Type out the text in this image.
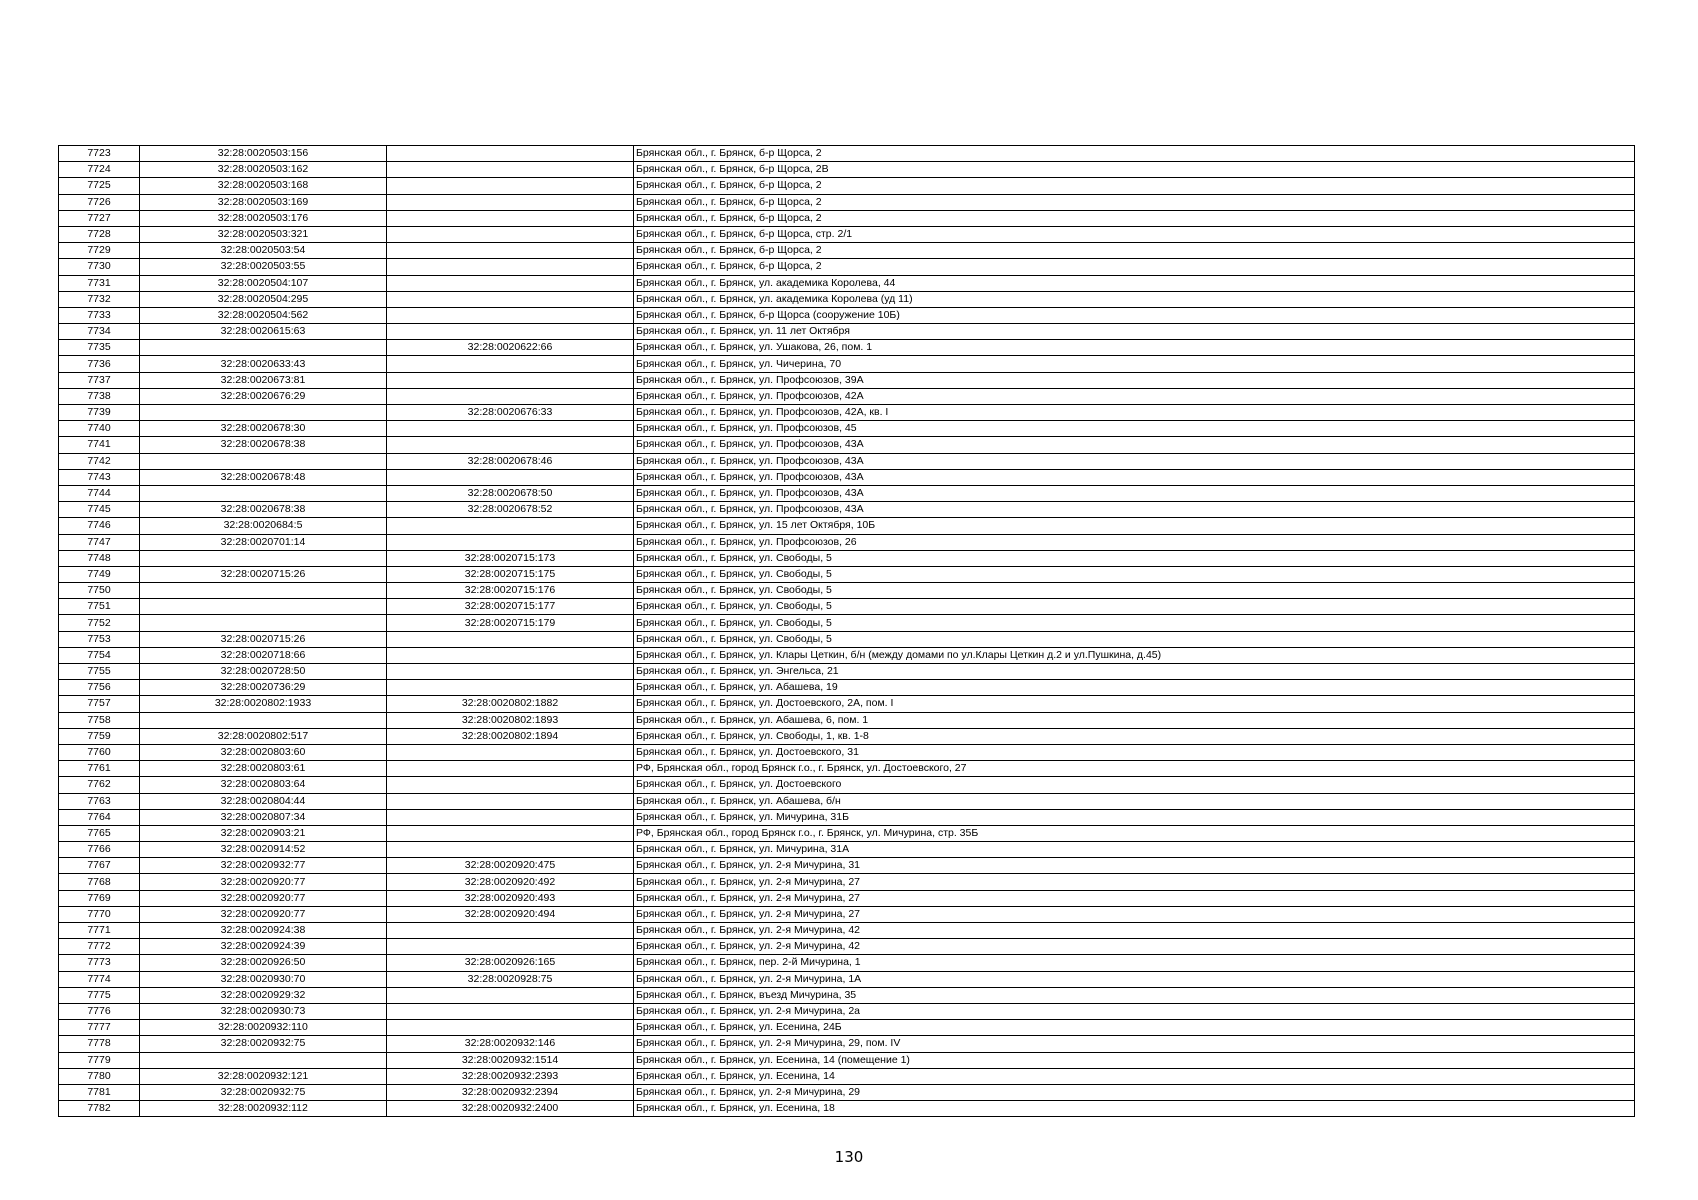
7723	32:28:0020503:156		Брянская обл., г. Брянск, б-р Щорса, 2
7724	32:28:0020503:162		Брянская обл., г. Брянск, б-р Щорса, 2В
7725	32:28:0020503:168		Брянская обл., г. Брянск, б-р Щорса, 2
7726	32:28:0020503:169		Брянская обл., г. Брянск, б-р Щорса, 2
7727	32:28:0020503:176		Брянская обл., г. Брянск, б-р Щорса, 2
7728	32:28:0020503:321		Брянская обл., г. Брянск, б-р Щорса, стр. 2/1
7729	32:28:0020503:54		Брянская обл., г. Брянск, б-р Щорса, 2
7730	32:28:0020503:55		Брянская обл., г. Брянск, б-р Щорса, 2
7731	32:28:0020504:107		Брянская обл., г. Брянск, ул. академика Королева, 44
7732	32:28:0020504:295		Брянская обл., г. Брянск, ул. академика Королева (уд 11)
7733	32:28:0020504:562		Брянская обл., г. Брянск, б-р Щорса (сооружение 10Б)
7734	32:28:0020615:63		Брянская обл., г. Брянск, ул. 11 лет Октября
7735		32:28:0020622:66	Брянская обл., г. Брянск, ул. Ушакова, 26, пом. 1
7736	32:28:0020633:43		Брянская обл., г. Брянск, ул. Чичерина, 70
7737	32:28:0020673:81		Брянская обл., г. Брянск, ул. Профсоюзов, 39А
7738	32:28:0020676:29		Брянская обл., г. Брянск, ул. Профсоюзов, 42А
7739		32:28:0020676:33	Брянская обл., г. Брянск, ул. Профсоюзов, 42А, кв. I
7740	32:28:0020678:30		Брянская обл., г. Брянск, ул. Профсоюзов, 45
7741	32:28:0020678:38		Брянская обл., г. Брянск, ул. Профсоюзов, 43А
7742		32:28:0020678:46	Брянская обл., г. Брянск, ул. Профсоюзов, 43А
7743	32:28:0020678:48		Брянская обл., г. Брянск, ул. Профсоюзов, 43А
7744		32:28:0020678:50	Брянская обл., г. Брянск, ул. Профсоюзов, 43А
7745	32:28:0020678:38	32:28:0020678:52	Брянская обл., г. Брянск, ул. Профсоюзов, 43А
7746	32:28:0020684:5		Брянская обл., г. Брянск, ул. 15 лет Октября, 10Б
7747	32:28:0020701:14		Брянская обл., г. Брянск, ул. Профсоюзов, 26
7748		32:28:0020715:173	Брянская обл., г. Брянск, ул. Свободы, 5
7749	32:28:0020715:26	32:28:0020715:175	Брянская обл., г. Брянск, ул. Свободы, 5
7750		32:28:0020715:176	Брянская обл., г. Брянск, ул. Свободы, 5
7751		32:28:0020715:177	Брянская обл., г. Брянск, ул. Свободы, 5
7752		32:28:0020715:179	Брянская обл., г. Брянск, ул. Свободы, 5
7753	32:28:0020715:26		Брянская обл., г. Брянск, ул. Свободы, 5
7754	32:28:0020718:66		Брянская обл., г. Брянск, ул. Клары Цеткин, б/н (между домами по ул.Клары Цеткин д.2 и ул.Пушкина, д.45)
7755	32:28:0020728:50		Брянская обл., г. Брянск, ул. Энгельса, 21
7756	32:28:0020736:29		Брянская обл., г. Брянск, ул. Абашева, 19
7757	32:28:0020802:1933	32:28:0020802:1882	Брянская обл., г. Брянск, ул. Достоевского, 2А, пом. I
7758		32:28:0020802:1893	Брянская обл., г. Брянск, ул. Абашева, 6, пом. 1
7759	32:28:0020802:517	32:28:0020802:1894	Брянская обл., г. Брянск, ул. Свободы, 1, кв. 1-8
7760	32:28:0020803:60		Брянская обл., г. Брянск, ул. Достоевского, 31
7761	32:28:0020803:61		РФ, Брянская обл., город Брянск г.о., г. Брянск, ул. Достоевского, 27
7762	32:28:0020803:64		Брянская обл., г. Брянск, ул. Достоевского
7763	32:28:0020804:44		Брянская обл., г. Брянск, ул. Абашева, б/н
7764	32:28:0020807:34		Брянская обл., г. Брянск, ул. Мичурина, 31Б
7765	32:28:0020903:21		РФ, Брянская обл., город Брянск г.о., г. Брянск, ул. Мичурина, стр. 35Б
7766	32:28:0020914:52		Брянская обл., г. Брянск, ул. Мичурина, 31А
7767	32:28:0020932:77	32:28:0020920:475	Брянская обл., г. Брянск, ул. 2-я Мичурина, 31
7768	32:28:0020920:77	32:28:0020920:492	Брянская обл., г. Брянск, ул. 2-я Мичурина, 27
7769	32:28:0020920:77	32:28:0020920:493	Брянская обл., г. Брянск, ул. 2-я Мичурина, 27
7770	32:28:0020920:77	32:28:0020920:494	Брянская обл., г. Брянск, ул. 2-я Мичурина, 27
7771	32:28:0020924:38		Брянская обл., г. Брянск, ул. 2-я Мичурина, 42
7772	32:28:0020924:39		Брянская обл., г. Брянск, ул. 2-я Мичурина, 42
7773	32:28:0020926:50	32:28:0020926:165	Брянская обл., г. Брянск, пер. 2-й Мичурина, 1
7774	32:28:0020930:70	32:28:0020928:75	Брянская обл., г. Брянск, ул. 2-я Мичурина, 1А
7775	32:28:0020929:32		Брянская обл., г. Брянск, въезд Мичурина, 35
7776	32:28:0020930:73		Брянская обл., г. Брянск, ул. 2-я Мичурина, 2а
7777	32:28:0020932:110		Брянская обл., г. Брянск, ул. Есенина, 24Б
7778	32:28:0020932:75	32:28:0020932:146	Брянская обл., г. Брянск, ул. 2-я Мичурина, 29, пом. IV
7779		32:28:0020932:1514	Брянская обл., г. Брянск, ул. Есенина, 14 (помещение 1)
7780	32:28:0020932:121	32:28:0020932:2393	Брянская обл., г. Брянск, ул. Есенина, 14
7781	32:28:0020932:75	32:28:0020932:2394	Брянская обл., г. Брянск, ул. 2-я Мичурина, 29
7782	32:28:0020932:112	32:28:0020932:2400	Брянская обл., г. Брянск, ул. Есенина, 18
130
